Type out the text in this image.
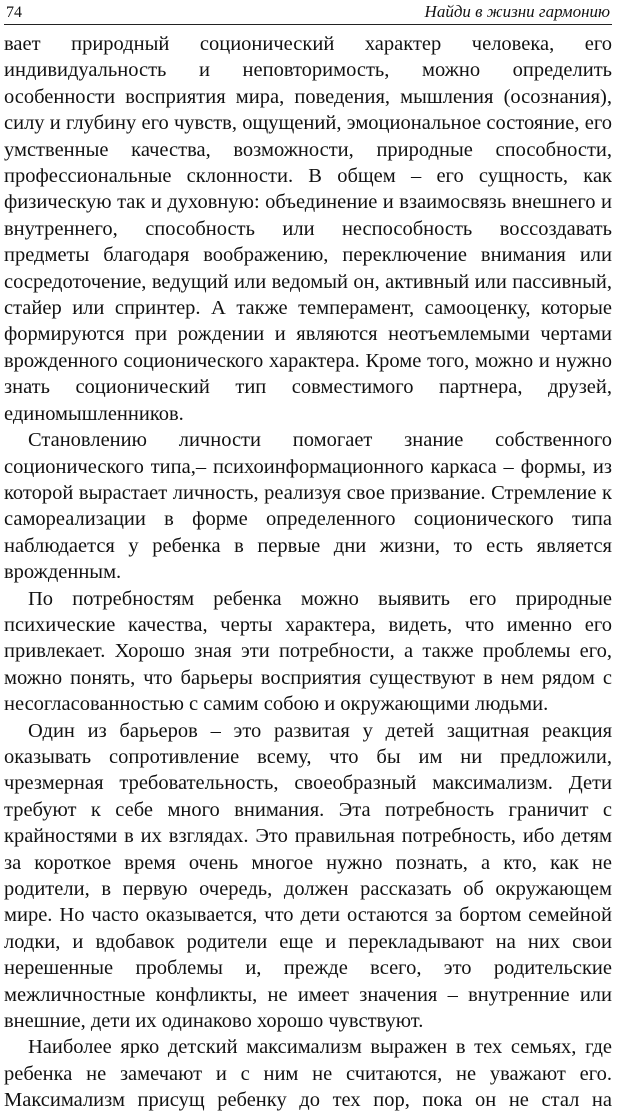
74	Найди в жизни гармонию

вает природный соционический характер человека, его индивидуальность и неповторимость, можно определить особенности восприятия мира, поведения, мышления (осознания), силу и глубину его чувств, ощущений, эмоциональное состояние, его умственные качества, возможности, природные способности, профессиональные склонности. В общем – его сущность, как физическую так и духовную: объединение и взаимосвязь внешнего и внутреннего, способность или неспособность воссоздавать предметы благодаря воображению, переключение внимания или сосредоточение, ведущий или ведомый он, активный или пассивный, стайер или спринтер. А также темперамент, самооценку, которые формируются при рождении и являются неотъемлемыми чертами врожденного соционического характера. Кроме того, можно и нужно знать соционический тип совместимого партнера, друзей, единомышленников.

Становлению личности помогает знание собственного соционического типа,– психоинформационного каркаса – формы, из которой вырастает личность, реализуя свое призвание. Стремление к самореализации в форме определенного соционического типа наблюдается у ребенка в первые дни жизни, то есть является врожденным.

По потребностям ребенка можно выявить его природные психические качества, черты характера, видеть, что именно его привлекает. Хорошо зная эти потребности, а также проблемы его, можно понять, что барьеры восприятия существуют в нем рядом с несогласованностью с самим собою и окружающими людьми.

Один из барьеров – это развитая у детей защитная реакция оказывать сопротивление всему, что бы им ни предложили, чрезмерная требовательность, своеобразный максимализм. Дети требуют к себе много внимания. Эта потребность граничит с крайностями в их взглядах. Это правильная потребность, ибо детям за короткое время очень многое нужно познать, а кто, как не родители, в первую очередь, должен рассказать об окружающем мире. Но часто оказывается, что дети остаются за бортом семейной лодки, и вдобавок родители еще и перекладывают на них свои нерешенные проблемы и, прежде всего, это родительские межличностные конфликты, не имеет значения – внутренние или внешние, дети их одинаково хорошо чувствуют.

Наиболее ярко детский максимализм выражен в тех семьях, где ребенка не замечают и с ним не считаются, не уважают его. Максимализм присущ ребенку до тех пор, пока он не стал на
